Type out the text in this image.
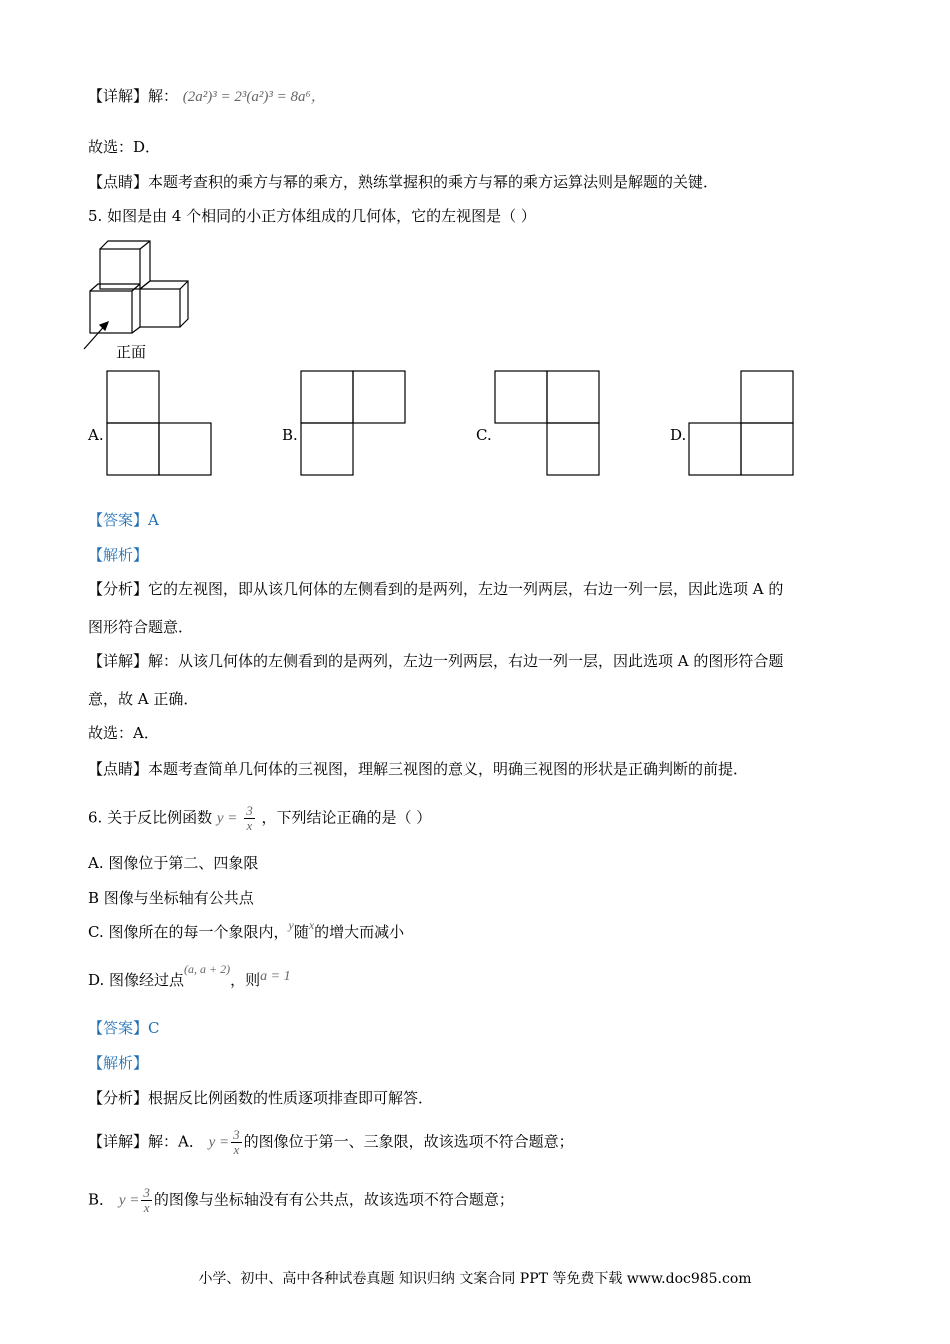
【详解】解： (2a²)³ = 2³(a²)³ = 8a⁶，
故选：D．
【点睛】本题考查积的乘方与幂的乘方，熟练掌握积的乘方与幂的乘方运算法则是解题的关键．
5. 如图是由 4 个相同的小正方体组成的几何体，它的左视图是（ ）
正面
A.	B.	C.	D.
【答案】A
【解析】
【分析】它的左视图，即从该几何体的左侧看到的是两列，左边一列两层，右边一列一层，因此选项 A 的
图形符合题意．
【详解】解：从该几何体的左侧看到的是两列，左边一列两层，右边一列一层，因此选项 A 的图形符合题
意，故 A 正确．
故选：A．
【点睛】本题考查简单几何体的三视图，理解三视图的意义，明确三视图的形状是正确判断的前提．
6. 关于反比例函数 $y = \frac{3}{x}$ ，下列结论正确的是（ ）
A. 图像位于第二、四象限
B 图像与坐标轴有公共点
C. 图像所在的每一个象限内，$^y$随$^x$的增大而减小
D. 图像经过点$^{(a, a + 2)}$，则a = 1
【答案】C
【解析】
【分析】根据反比例函数的性质逐项排查即可解答．
【详解】解：A． $y = \frac{3}{x}$ 的图像位于第一、三象限，故该选项不符合题意；
B． $y = \frac{3}{x}$ 的图像与坐标轴没有有公共点，故该选项不符合题意；
小学、初中、高中各种试卷真题 知识归纳 文案合同 PPT 等免费下载 www.doc985.com
